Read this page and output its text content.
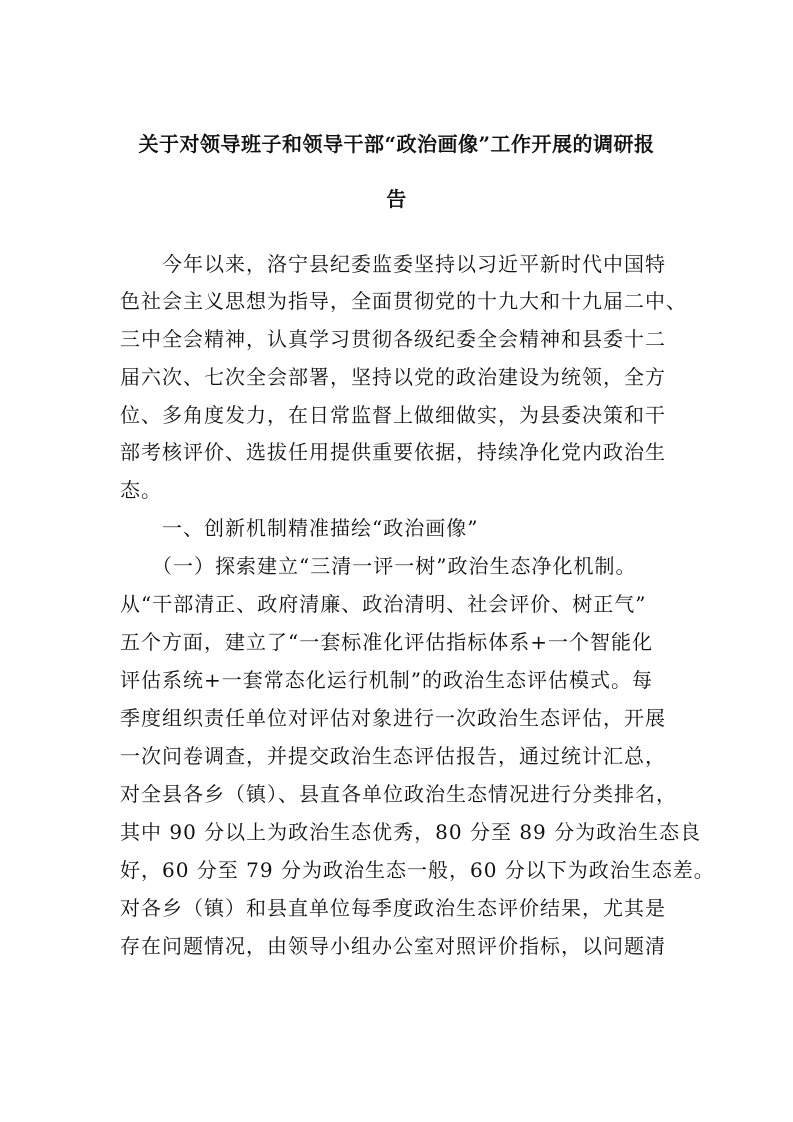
关于对领导班子和领导干部“政治画像”工作开展的调研报
告
　　今年以来，洛宁县纪委监委坚持以习近平新时代中国特
色社会主义思想为指导，全面贯彻党的十九大和十九届二中、
三中全会精神，认真学习贯彻各级纪委全会精神和县委十二
届六次、七次全会部署，坚持以党的政治建设为统领，全方
位、多角度发力，在日常监督上做细做实，为县委决策和干
部考核评价、选拔任用提供重要依据，持续净化党内政治生
态。
　　一、创新机制精准描绘“政治画像”
　　（一）探索建立“三清一评一树”政治生态净化机制。
从“干部清正、政府清廉、政治清明、社会评价、树正气”
五个方面，建立了“一套标准化评估指标体系+一个智能化
评估系统+一套常态化运行机制”的政治生态评估模式。每
季度组织责任单位对评估对象进行一次政治生态评估，开展
一次问卷调查，并提交政治生态评估报告，通过统计汇总，
对全县各乡（镇）、县直各单位政治生态情况进行分类排名，
其中 90 分以上为政治生态优秀，80 分至 89 分为政治生态良
好，60 分至 79 分为政治生态一般，60 分以下为政治生态差。
对各乡（镇）和县直单位每季度政治生态评价结果，尤其是
存在问题情况，由领导小组办公室对照评价指标，以问题清
